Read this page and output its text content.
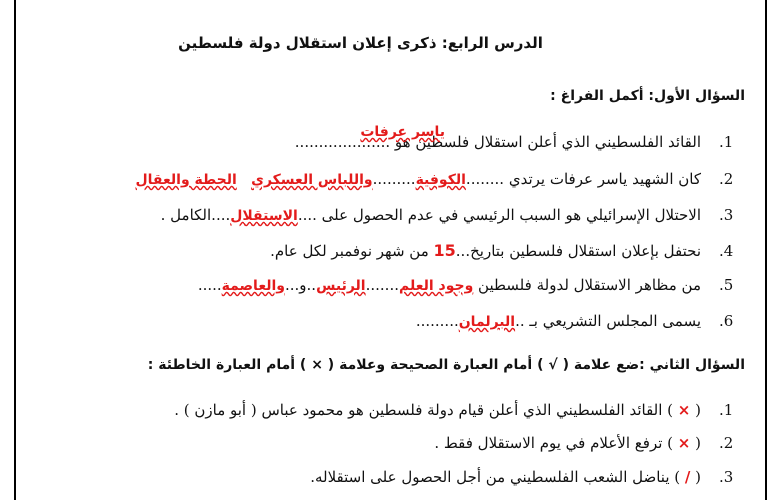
الدرس الرابع: ذكرى إعلان استقلال دولة فلسطين
السؤال الأول: أكمل الفراغ :
.1القائد الفلسطيني الذي أعلن استقلال فلسطين هو ....................
ياسر عرفات
.2كان الشهيد ياسر عرفات يرتدي ........الكوفية.........واللباس العسكري   الحطة والعقال
.3الاحتلال الإسرائيلي هو السبب الرئيسي في عدم الحصول على ....الاستقلال....الكامل .
.4نحتفل بإعلان استقلال فلسطين بتاريخ...15 من شهر نوفمبر لكل عام.
.5من مظاهر الاستقلال لدولة فلسطين وجود العلم.......الرئيس..و...والعاصمة.....
.6يسمى المجلس التشريعي بـ ..البرلمان.........
السؤال الثاني :ضع علامة ( √ ) أمام العبارة الصحيحة وعلامة ( × ) أمام العبارة الخاطئة :
.1( × ) القائد الفلسطيني الذي أعلن قيام دولة فلسطين هو محمود عباس ( أبو مازن ) .
.2( × ) ترفع الأعلام في يوم الاستقلال فقط .
.3( / ) يناضل الشعب الفلسطيني من أجل الحصول على استقلاله.
